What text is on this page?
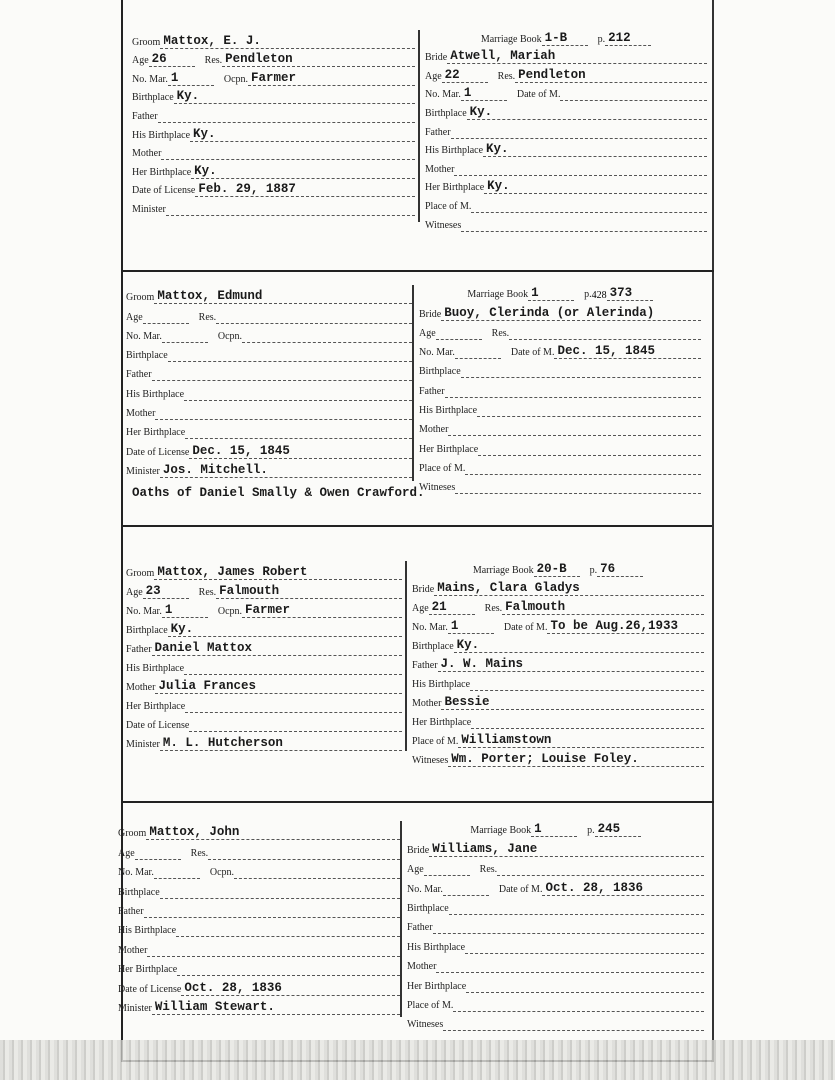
Groom Mattox, E. J.
Age 26	Res. Pendleton
No. Mar. 1	Ocpn. Farmer
Birthplace Ky.
Father
His Birthplace Ky.
Mother
Her Birthplace Ky.
Date of License Feb. 29, 1887
Minister
Marriage Book 1-B	p. 212
Bride Atwell, Mariah
Age 22	Res. Pendleton
No. Mar. 1	Date of M.
Birthplace Ky.
Father
His Birthplace Ky.
Mother
Her Birthplace Ky.
Place of M.
Witneses
Groom Mattox, Edmund
Age	Res.
No. Mar.	Ocpn.
Birthplace
Father
His Birthplace
Mother
Her Birthplace
Date of License Dec. 15, 1845
Minister Jos. Mitchell.
Marriage Book 1	p. 428 373
Bride Buoy, Clerinda (or Alerinda)
Age	Res.
No. Mar.	Date of M. Dec. 15, 1845
Birthplace
Father
His Birthplace
Mother
Her Birthplace
Place of M.
Witneses
Groom Mattox, James Robert
Age 23	Res. Falmouth
No. Mar. 1	Ocpn. Farmer
Birthplace Ky.
Father Daniel Mattox
His Birthplace
Mother Julia Frances
Her Birthplace
Date of License
Minister M. L. Hutcherson
Marriage Book 20-B	p. 76
Bride Mains, Clara Gladys
Age 21	Res. Falmouth
No. Mar. 1	Date of M. To be Aug.26,1933
Birthplace Ky.
Father J. W. Mains
His Birthplace
Mother Bessie
Her Birthplace
Place of M. Williamstown
Witneses Wm. Porter; Louise Foley.
Groom Mattox, John
Age	Res.
No. Mar.	Ocpn.
Birthplace
Father
His Birthplace
Mother
Her Birthplace
Date of License Oct. 28, 1836
Minister William Stewart.
Marriage Book 1	p. 245
Bride Williams, Jane
Age	Res.
No. Mar.	Date of M. Oct. 28, 1836
Birthplace
Father
His Birthplace
Mother
Her Birthplace
Place of M.
Witneses
Oaths of Daniel Smally & Owen Crawford.
